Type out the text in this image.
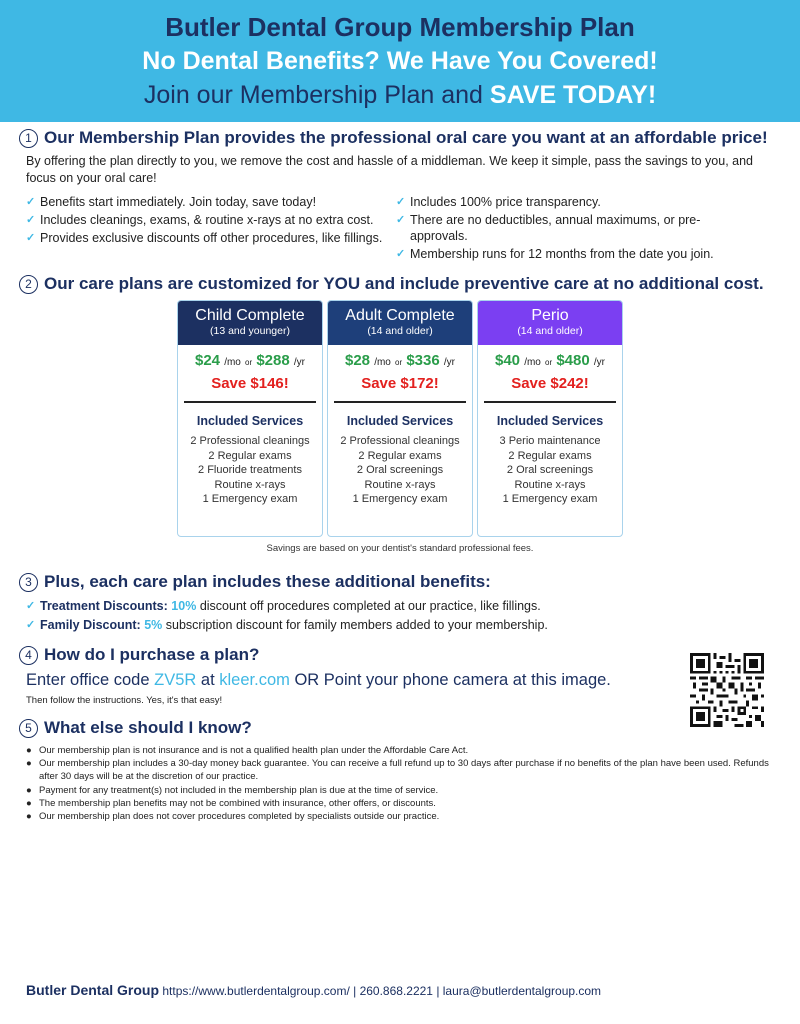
Butler Dental Group Membership Plan
No Dental Benefits? We Have You Covered!
Join our Membership Plan and SAVE TODAY!
1 Our Membership Plan provides the professional oral care you want at an affordable price!
By offering the plan directly to you, we remove the cost and hassle of a middleman. We keep it simple, pass the savings to you, and focus on your oral care!
✓ Benefits start immediately. Join today, save today!
✓ Includes cleanings, exams, & routine x-rays at no extra cost.
✓ Provides exclusive discounts off other procedures, like fillings.
✓ Includes 100% price transparency.
✓ There are no deductibles, annual maximums, or pre-approvals.
✓ Membership runs for 12 months from the date you join.
2 Our care plans are customized for YOU and include preventive care at no additional cost.
Child Complete
(13 and younger)
$24 /mo or $288 /yr
Save $146!
Included Services
2 Professional cleanings
2 Regular exams
2 Fluoride treatments
Routine x-rays
1 Emergency exam
Adult Complete
(14 and older)
$28 /mo or $336 /yr
Save $172!
Included Services
2 Professional cleanings
2 Regular exams
2 Oral screenings
Routine x-rays
1 Emergency exam
Perio
(14 and older)
$40 /mo or $480 /yr
Save $242!
Included Services
3 Perio maintenance
2 Regular exams
2 Oral screenings
Routine x-rays
1 Emergency exam
Savings are based on your dentist's standard professional fees.
3 Plus, each care plan includes these additional benefits:
✓ Treatment Discounts:
10%
discount off procedures completed at our practice, like fillings.
✓ Family Discount:
5%
subscription discount for family members added to your membership.
4 How do I purchase a plan?
Enter office code ZV5R at kleer.com OR Point your phone camera at this image.
Then follow the instructions. Yes, it's that easy!
5 What else should I know?
● Our membership plan is not insurance and is not a qualified health plan under the Affordable Care Act.
● Our membership plan includes a 30-day money back guarantee. You can receive a full refund up to 30 days after purchase if no benefits of the plan have been used. Refunds after 30 days will be at the discretion of our practice.
● Payment for any treatment(s) not included in the membership plan is due at the time of service.
● The membership plan benefits may not be combined with insurance, other offers, or discounts.
● Our membership plan does not cover procedures completed by specialists outside our practice.
Butler Dental Group https://www.butlerdentalgroup.com/ | 260.868.2221 | laura@butlerdentalgroup.com
